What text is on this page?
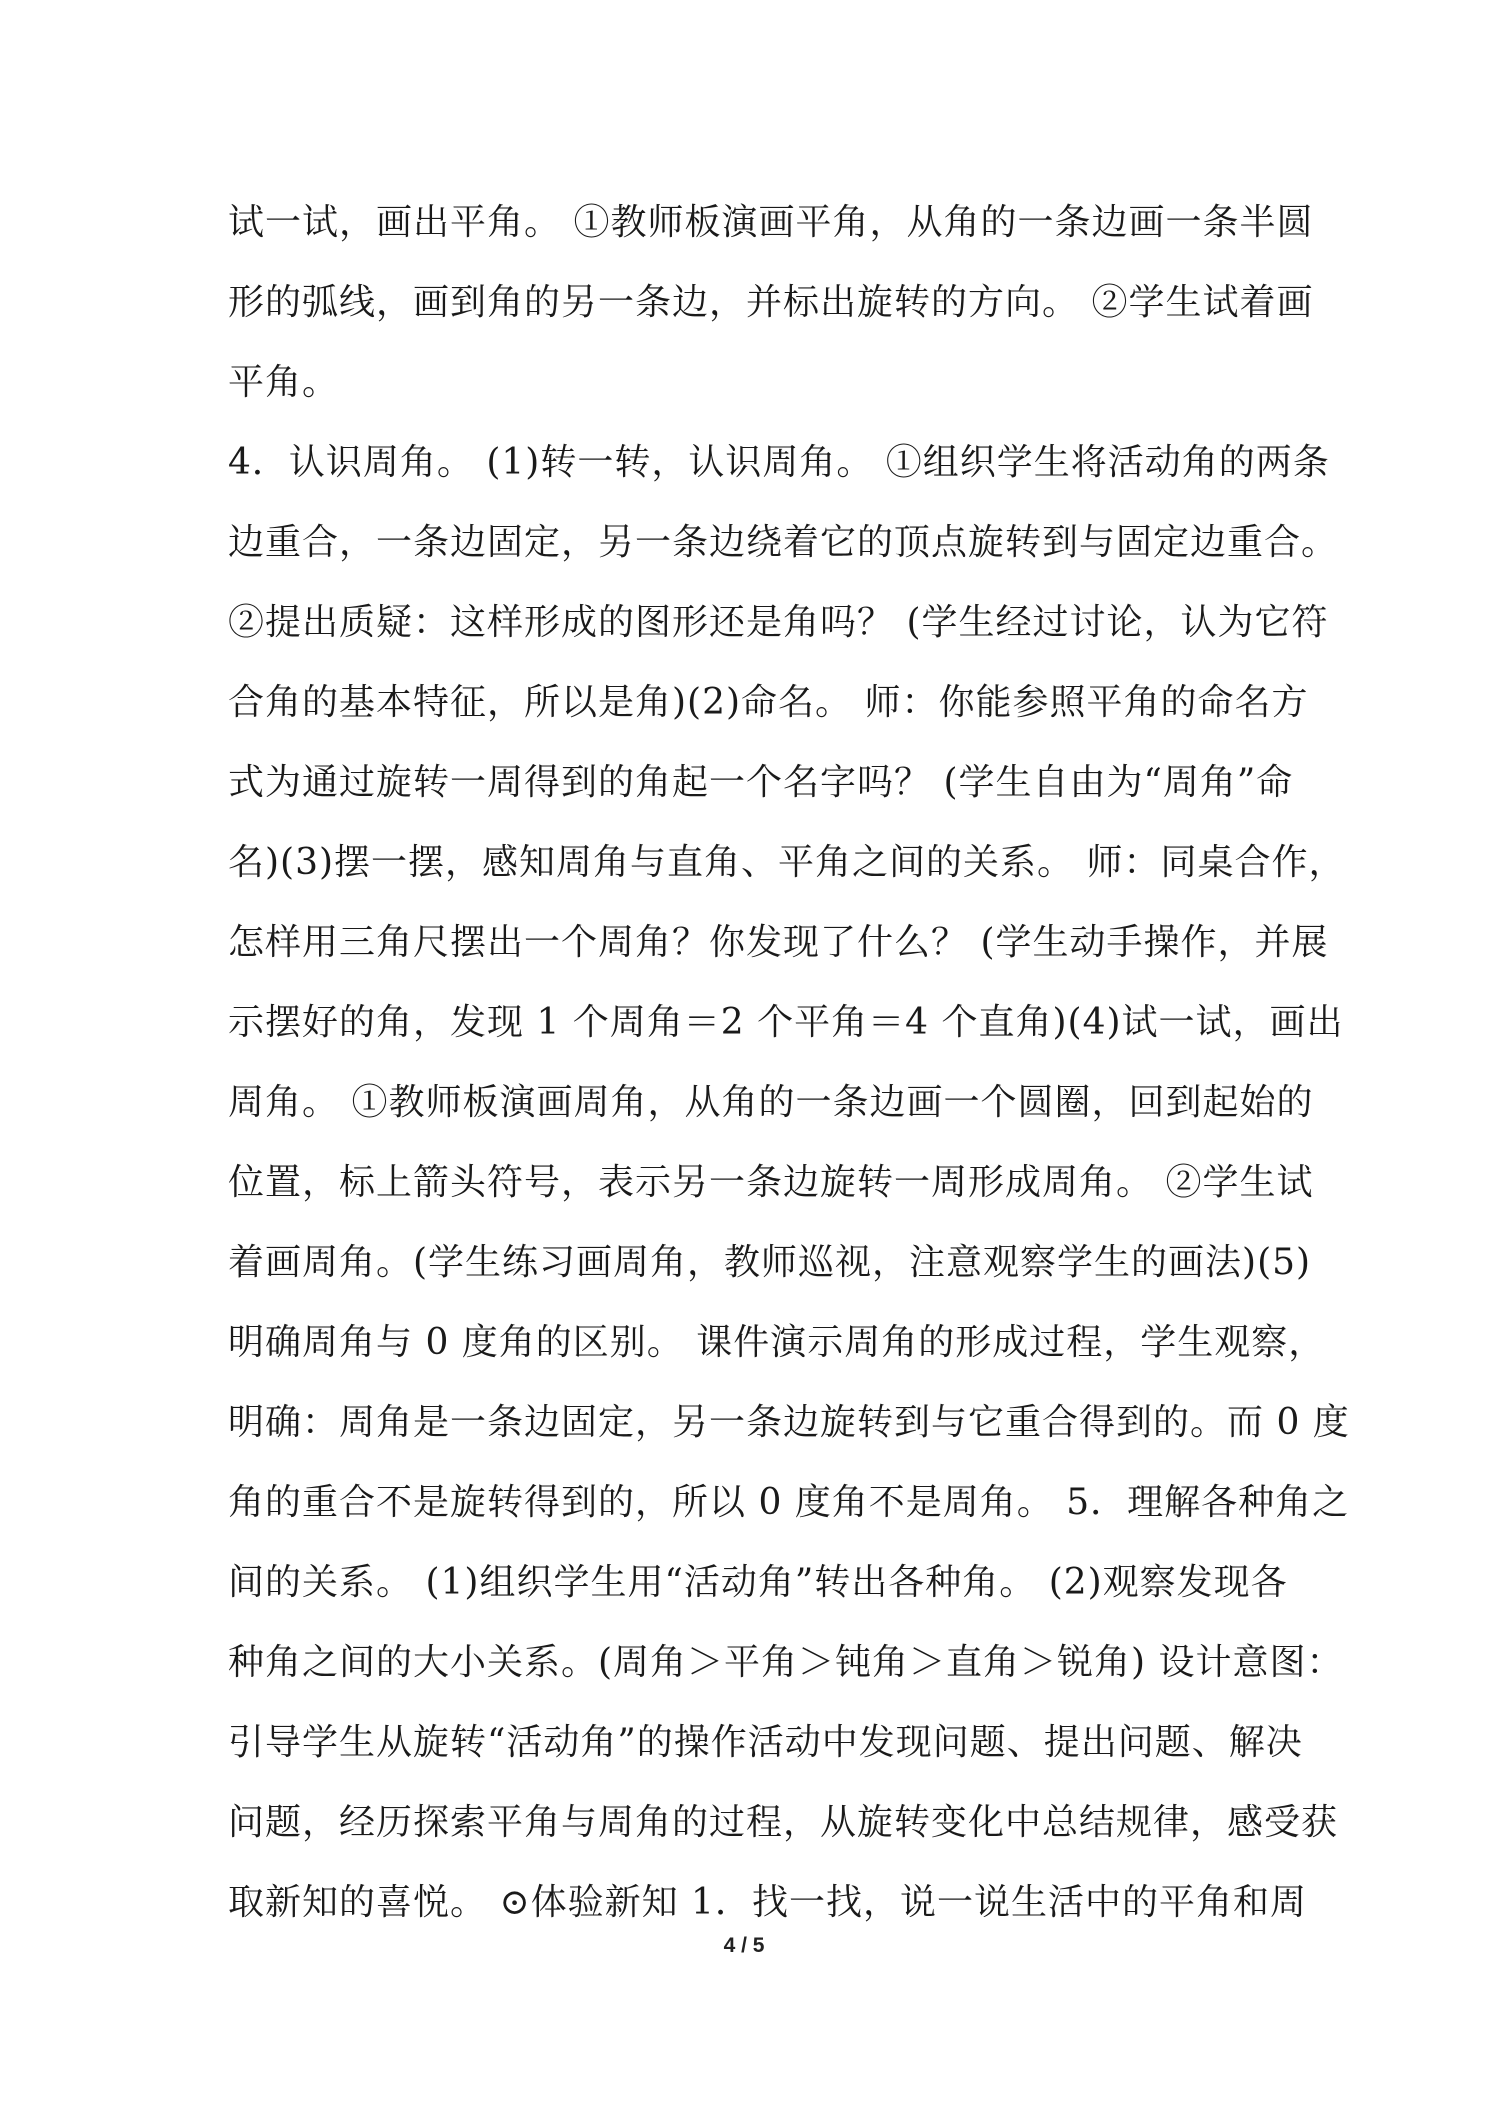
试一试，画出平角。 ①教师板演画平角，从角的一条边画一条半圆
形的弧线，画到角的另一条边，并标出旋转的方向。 ②学生试着画
平角。
4．认识周角。 (1)转一转，认识周角。 ①组织学生将活动角的两条
边重合，一条边固定，另一条边绕着它的顶点旋转到与固定边重合。
②提出质疑：这样形成的图形还是角吗？ (学生经过讨论，认为它符
合角的基本特征，所以是角)(2)命名。 师：你能参照平角的命名方
式为通过旋转一周得到的角起一个名字吗？ (学生自由为“周角”命
名)(3)摆一摆，感知周角与直角、平角之间的关系。 师：同桌合作，
怎样用三角尺摆出一个周角？你发现了什么？ (学生动手操作，并展
示摆好的角，发现 1 个周角＝2 个平角＝4 个直角)(4)试一试，画出
周角。 ①教师板演画周角，从角的一条边画一个圆圈，回到起始的
位置，标上箭头符号，表示另一条边旋转一周形成周角。 ②学生试
着画周角。(学生练习画周角，教师巡视，注意观察学生的画法)(5)
明确周角与 0 度角的区别。 课件演示周角的形成过程，学生观察，
明确：周角是一条边固定，另一条边旋转到与它重合得到的。而 0 度
角的重合不是旋转得到的，所以 0 度角不是周角。 5．理解各种角之
间的关系。 (1)组织学生用“活动角”转出各种角。 (2)观察发现各
种角之间的大小关系。(周角＞平角＞钝角＞直角＞锐角) 设计意图：
引导学生从旋转“活动角”的操作活动中发现问题、提出问题、解决
问题，经历探索平角与周角的过程，从旋转变化中总结规律，感受获
取新知的喜悦。 ⊙体验新知 1．找一找，说一说生活中的平角和周
4 / 5
